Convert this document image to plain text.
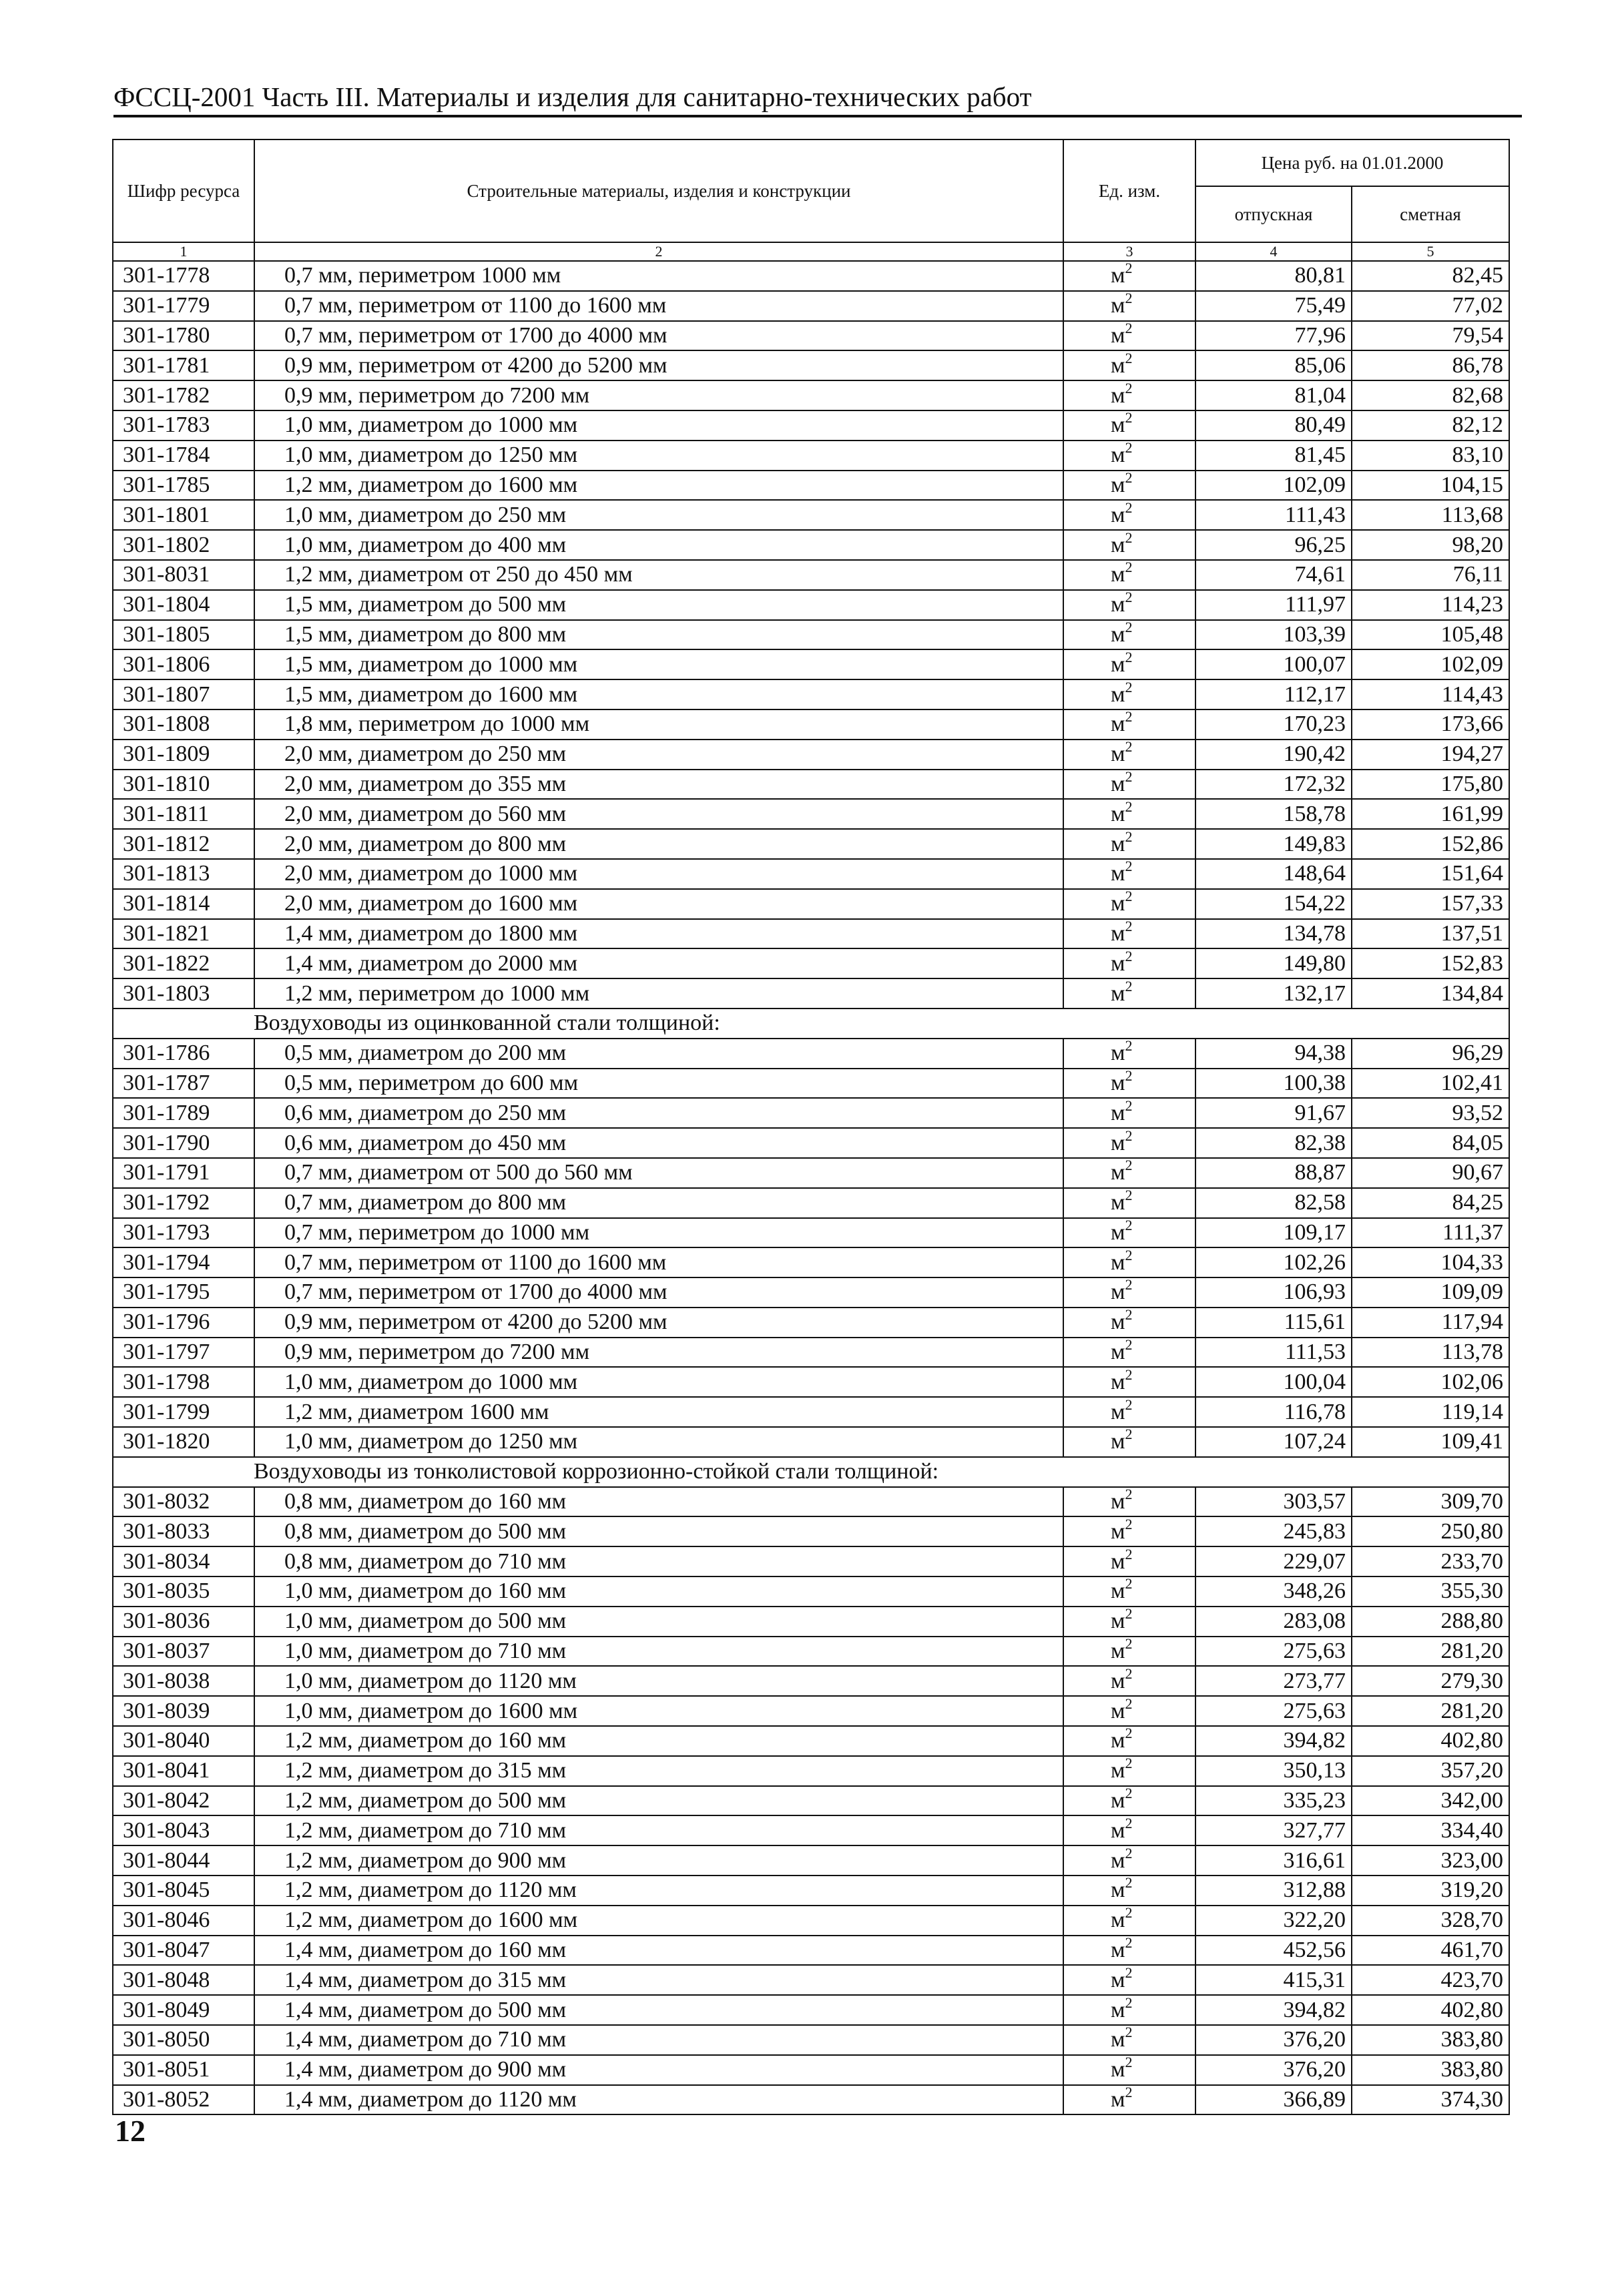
ФССЦ-2001 Часть III. Материалы и изделия для санитарно-технических работ
Шифр ресурса	Строительные материалы, изделия и конструкции	Ед. изм.	Цена руб. на 01.01.2000	
			отпускная	сметная
1	2	3	4	5
301-1778	0,7 мм, периметром 1000 мм	$м^2$	80,81	82,45
301-1779	0,7 мм, периметром от 1100 до 1600 мм	$м^2$	75,49	77,02
301-1780	0,7 мм, периметром от 1700 до 4000 мм	$м^2$	77,96	79,54
301-1781	0,9 мм, периметром от 4200 до 5200 мм	$м^2$	85,06	86,78
301-1782	0,9 мм, периметром до 7200 мм	$м^2$	81,04	82,68
301-1783	1,0 мм, диаметром до 1000 мм	$м^2$	80,49	82,12
301-1784	1,0 мм, диаметром до 1250 мм	$м^2$	81,45	83,10
301-1785	1,2 мм, диаметром до 1600 мм	$м^2$	102,09	104,15
301-1801	1,0 мм, диаметром до 250 мм	$м^2$	111,43	113,68
301-1802	1,0 мм, диаметром до 400 мм	$м^2$	96,25	98,20
301-8031	1,2 мм, диаметром от 250 до 450 мм	$м^2$	74,61	76,11
301-1804	1,5 мм, диаметром до 500 мм	$м^2$	111,97	114,23
301-1805	1,5 мм, диаметром до 800 мм	$м^2$	103,39	105,48
301-1806	1,5 мм, диаметром до 1000 мм	$м^2$	100,07	102,09
301-1807	1,5 мм, диаметром до 1600 мм	$м^2$	112,17	114,43
301-1808	1,8 мм, периметром до 1000 мм	$м^2$	170,23	173,66
301-1809	2,0 мм, диаметром до 250 мм	$м^2$	190,42	194,27
301-1810	2,0 мм, диаметром до 355 мм	$м^2$	172,32	175,80
301-1811	2,0 мм, диаметром до 560 мм	$м^2$	158,78	161,99
301-1812	2,0 мм, диаметром до 800 мм	$м^2$	149,83	152,86
301-1813	2,0 мм, диаметром до 1000 мм	$м^2$	148,64	151,64
301-1814	2,0 мм, диаметром до 1600 мм	$м^2$	154,22	157,33
301-1821	1,4 мм, диаметром до 1800 мм	$м^2$	134,78	137,51
301-1822	1,4 мм, диаметром до 2000 мм	$м^2$	149,80	152,83
301-1803	1,2 мм, периметром до 1000 мм	$м^2$	132,17	134,84
Воздуховоды из оцинкованной стали толщиной:				
301-1786	0,5 мм, диаметром до 200 мм	$м^2$	94,38	96,29
301-1787	0,5 мм, периметром до 600 мм	$м^2$	100,38	102,41
301-1789	0,6 мм, диаметром до 250 мм	$м^2$	91,67	93,52
301-1790	0,6 мм, диаметром до 450 мм	$м^2$	82,38	84,05
301-1791	0,7 мм, диаметром от 500 до 560 мм	$м^2$	88,87	90,67
301-1792	0,7 мм, диаметром до 800 мм	$м^2$	82,58	84,25
301-1793	0,7 мм, периметром до 1000 мм	$м^2$	109,17	111,37
301-1794	0,7 мм, периметром от 1100 до 1600 мм	$м^2$	102,26	104,33
301-1795	0,7 мм, периметром от 1700 до 4000 мм	$м^2$	106,93	109,09
301-1796	0,9 мм, периметром от 4200 до 5200 мм	$м^2$	115,61	117,94
301-1797	0,9 мм, периметром до 7200 мм	$м^2$	111,53	113,78
301-1798	1,0 мм, диаметром до 1000 мм	$м^2$	100,04	102,06
301-1799	1,2 мм, диаметром 1600 мм	$м^2$	116,78	119,14
301-1820	1,0 мм, диаметром до 1250 мм	$м^2$	107,24	109,41
Воздуховоды из тонколистовой коррозионно-стойкой стали толщиной:				
301-8032	0,8 мм, диаметром до 160 мм	$м^2$	303,57	309,70
301-8033	0,8 мм, диаметром до 500 мм	$м^2$	245,83	250,80
301-8034	0,8 мм, диаметром до 710 мм	$м^2$	229,07	233,70
301-8035	1,0 мм, диаметром до 160 мм	$м^2$	348,26	355,30
301-8036	1,0 мм, диаметром до 500 мм	$м^2$	283,08	288,80
301-8037	1,0 мм, диаметром до 710 мм	$м^2$	275,63	281,20
301-8038	1,0 мм, диаметром до 1120 мм	$м^2$	273,77	279,30
301-8039	1,0 мм, диаметром до 1600 мм	$м^2$	275,63	281,20
301-8040	1,2 мм, диаметром до 160 мм	$м^2$	394,82	402,80
301-8041	1,2 мм, диаметром до 315 мм	$м^2$	350,13	357,20
301-8042	1,2 мм, диаметром до 500 мм	$м^2$	335,23	342,00
301-8043	1,2 мм, диаметром до 710 мм	$м^2$	327,77	334,40
301-8044	1,2 мм, диаметром до 900 мм	$м^2$	316,61	323,00
301-8045	1,2 мм, диаметром до 1120 мм	$м^2$	312,88	319,20
301-8046	1,2 мм, диаметром до 1600 мм	$м^2$	322,20	328,70
301-8047	1,4 мм, диаметром до 160 мм	$м^2$	452,56	461,70
301-8048	1,4 мм, диаметром до 315 мм	$м^2$	415,31	423,70
301-8049	1,4 мм, диаметром до 500 мм	$м^2$	394,82	402,80
301-8050	1,4 мм, диаметром до 710 мм	$м^2$	376,20	383,80
301-8051	1,4 мм, диаметром до 900 мм	$м^2$	376,20	383,80
301-8052	1,4 мм, диаметром до 1120 мм	$м^2$	366,89	374,30
12
